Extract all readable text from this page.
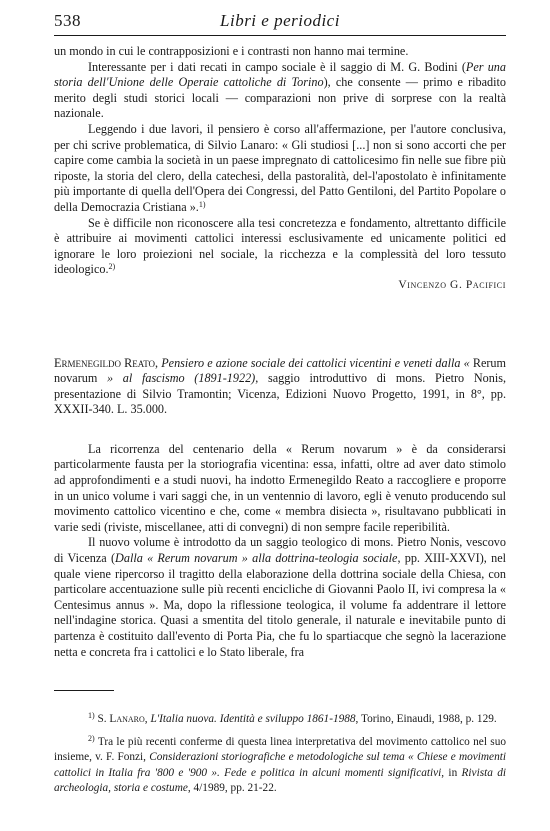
538	Libri e periodici

un mondo in cui le contrapposizioni e i contrasti non hanno mai termine.

Interessante per i dati recati in campo sociale è il saggio di M. G. Bodini (Per una storia dell'Unione delle Operaie cattoliche di Torino), che consente — primo e ribadito merito degli studi storici locali — comparazioni non prive di sorprese con la realtà nazionale.

Leggendo i due lavori, il pensiero è corso all'affermazione, per l'autore conclusiva, per chi scrive problematica, di Silvio Lanaro: « Gli studiosi [...] non si sono accorti che per capire come cambia la società in un paese impregnato di cattolicesimo fin nelle sue fibre più riposte, la storia del clero, della catechesi, della pastoralità, del-l'apostolato è infinitamente più importante di quella dell'Opera dei Congressi, del Patto Gentiloni, del Partito Popolare o della Democrazia Cristiana ».$^{1)}$

Se è difficile non riconoscere alla tesi concretezza e fondamento, altrettanto difficile è attribuire ai movimenti cattolici interessi esclusivamente ed unicamente politici ed ignorare le loro proiezioni nel sociale, la ricchezza e la complessità del loro tessuto ideologico.$^{2)}$

Vincenzo G. Pacifici

Ermenegildo Reato, Pensiero e azione sociale dei cattolici vicentini e veneti dalla « Rerum novarum » al fascismo (1891-1922), saggio introduttivo di mons. Pietro Nonis, presentazione di Silvio Tramontin; Vicenza, Edizioni Nuovo Progetto, 1991, in 8°, pp. XXXII-340. L. 35.000.

La ricorrenza del centenario della « Rerum novarum » è da considerarsi particolarmente fausta per la storiografia vicentina: essa, infatti, oltre ad aver dato stimolo ad approfondimenti e a studi nuovi, ha indotto Ermenegildo Reato a raccogliere e proporre in un unico volume i vari saggi che, in un ventennio di lavoro, egli è venuto producendo sul movimento cattolico vicentino e che, come « membra disiecta », risultavano pubblicati in varie sedi (riviste, miscellanee, atti di convegni) di non sempre facile reperibilità.

Il nuovo volume è introdotto da un saggio teologico di mons. Pietro Nonis, vescovo di Vicenza (Dalla « Rerum novarum » alla dottrina-teologia sociale, pp. XIII-XXVI), nel quale viene ripercorso il tragitto della elaborazione della dottrina sociale della Chiesa, con particolare accentuazione sulle più recenti encicliche di Giovanni Paolo II, ivi compresa la « Centesimus annus ». Ma, dopo la riflessione teologica, il volume fa addentrare il lettore nell'indagine storica. Quasi a smentita del titolo generale, il naturale e inevitabile punto di partenza è costituito dall'evento di Porta Pia, che fu lo spartiacque che segnò la lacerazione netta e concreta fra i cattolici e lo Stato liberale, fra

$^{1)}$ S. Lanaro, L'Italia nuova. Identità e sviluppo 1861-1988, Torino, Einaudi, 1988, p. 129.

$^{2)}$ Tra le più recenti conferme di questa linea interpretativa del movimento cattolico nel suo insieme, v. F. Fonzi, Considerazioni storiografiche e metodologiche sul tema « Chiese e movimenti cattolici in Italia fra '800 e '900 ». Fede e politica in alcuni momenti significativi, in Rivista di archeologia, storia e costume, 4/1989, pp. 21-22.
